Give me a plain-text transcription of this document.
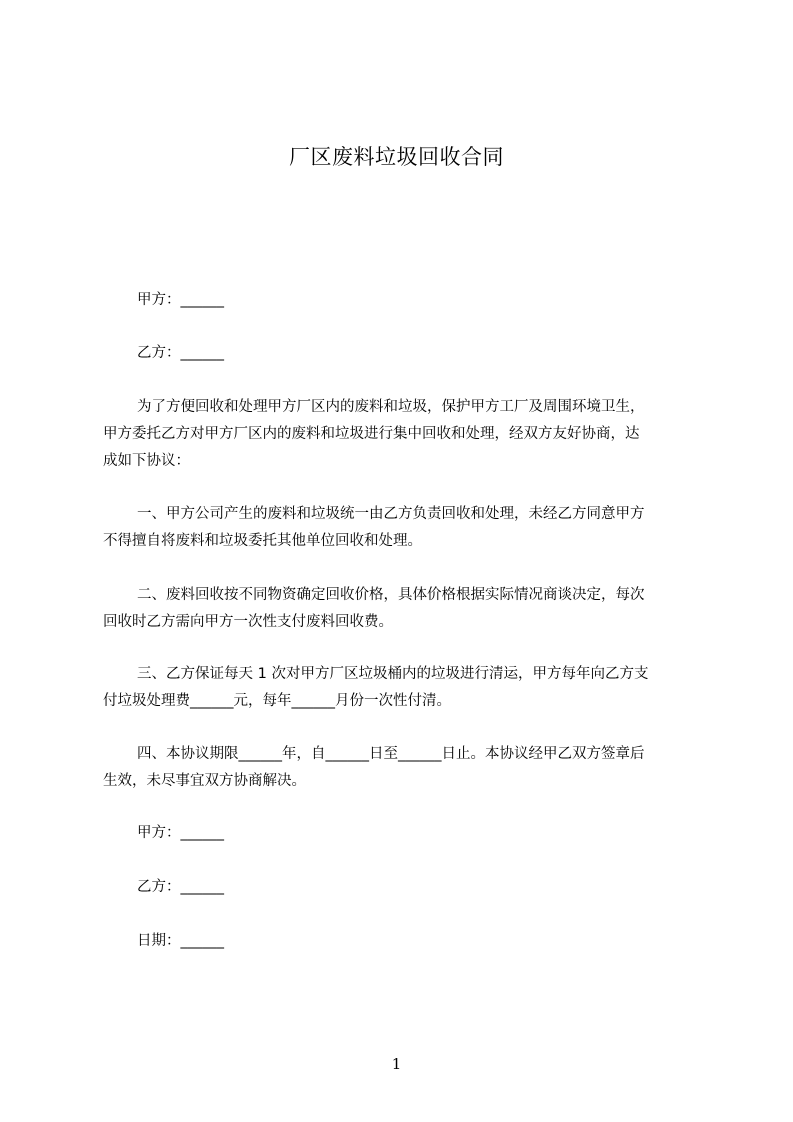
厂区废料垃圾回收合同
甲方：______
乙方：______
为了方便回收和处理甲方厂区内的废料和垃圾，保护甲方工厂及周围环境卫生，
甲方委托乙方对甲方厂区内的废料和垃圾进行集中回收和处理，经双方友好协商，达
成如下协议：
一、甲方公司产生的废料和垃圾统一由乙方负责回收和处理，未经乙方同意甲方
不得擅自将废料和垃圾委托其他单位回收和处理。
二、废料回收按不同物资确定回收价格，具体价格根据实际情况商谈决定，每次
回收时乙方需向甲方一次性支付废料回收费。
三、乙方保证每天 1 次对甲方厂区垃圾桶内的垃圾进行清运，甲方每年向乙方支
付垃圾处理费______元，每年______月份一次性付清。
四、本协议期限______年，自______日至______日止。本协议经甲乙双方签章后
生效，未尽事宜双方协商解决。
甲方：______
乙方：______
日期：______
1
